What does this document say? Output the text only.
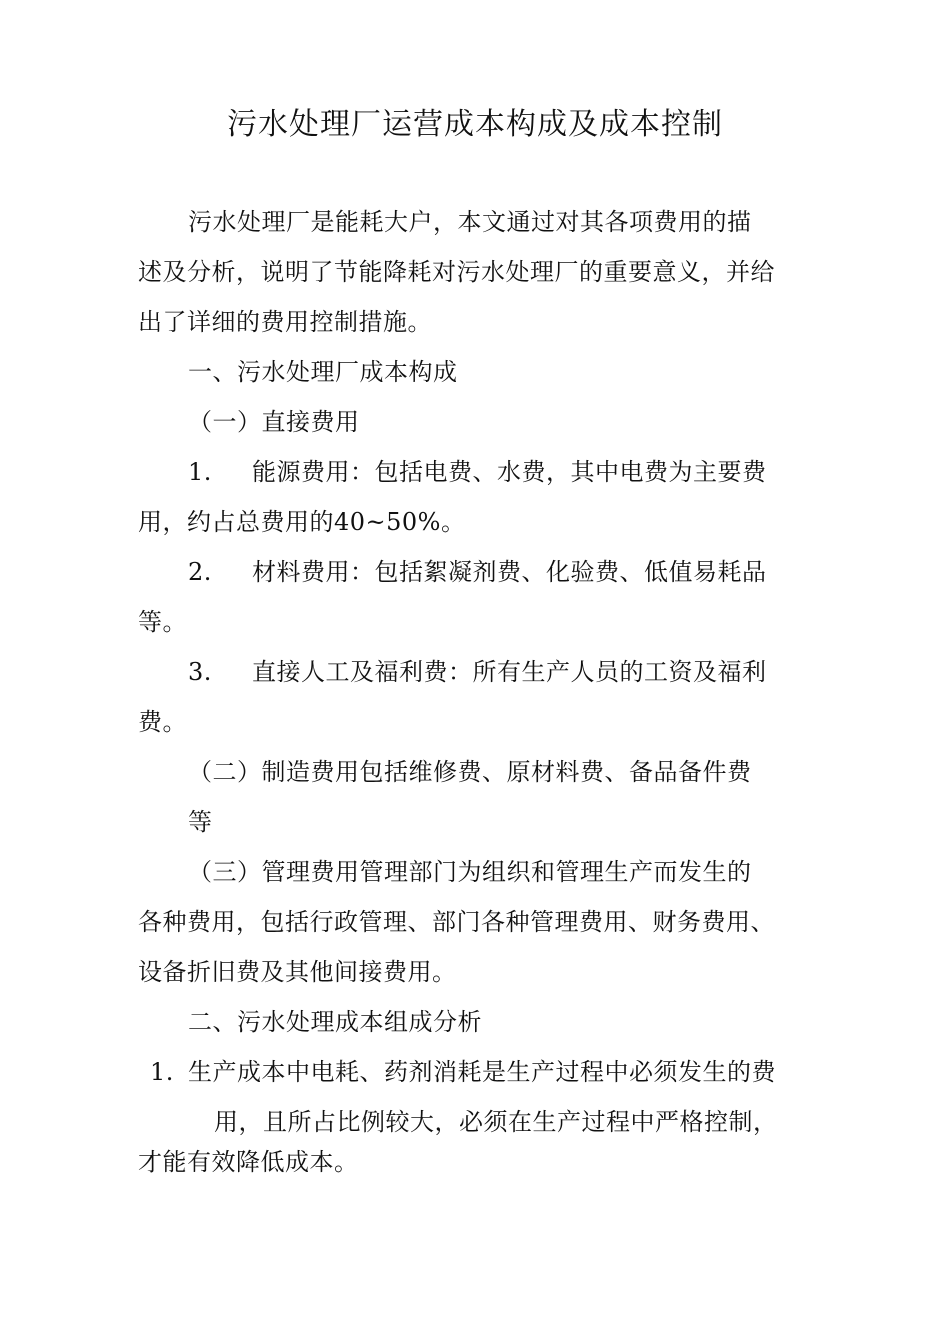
污水处理厂运营成本构成及成本控制
污水处理厂是能耗大户，本文通过对其各项费用的描
述及分析，说明了节能降耗对污水处理厂的重要意义，并给
出了详细的费用控制措施。
一、污水处理厂成本构成
（一）直接费用
1. 能源费用：包括电费、水费，其中电费为主要费
用，约占总费用的40~50%。
2. 材料费用：包括絮凝剂费、化验费、低值易耗品
等。
3. 直接人工及福利费：所有生产人员的工资及福利
费。
（二）制造费用包括维修费、原材料费、备品备件费
等
（三）管理费用管理部门为组织和管理生产而发生的
各种费用，包括行政管理、部门各种管理费用、财务费用、
设备折旧费及其他间接费用。
二、污水处理成本组成分析
1. 生产成本中电耗、药剂消耗是生产过程中必须发生的费
用，且所占比例较大，必须在生产过程中严格控制，
才能有效降低成本。
